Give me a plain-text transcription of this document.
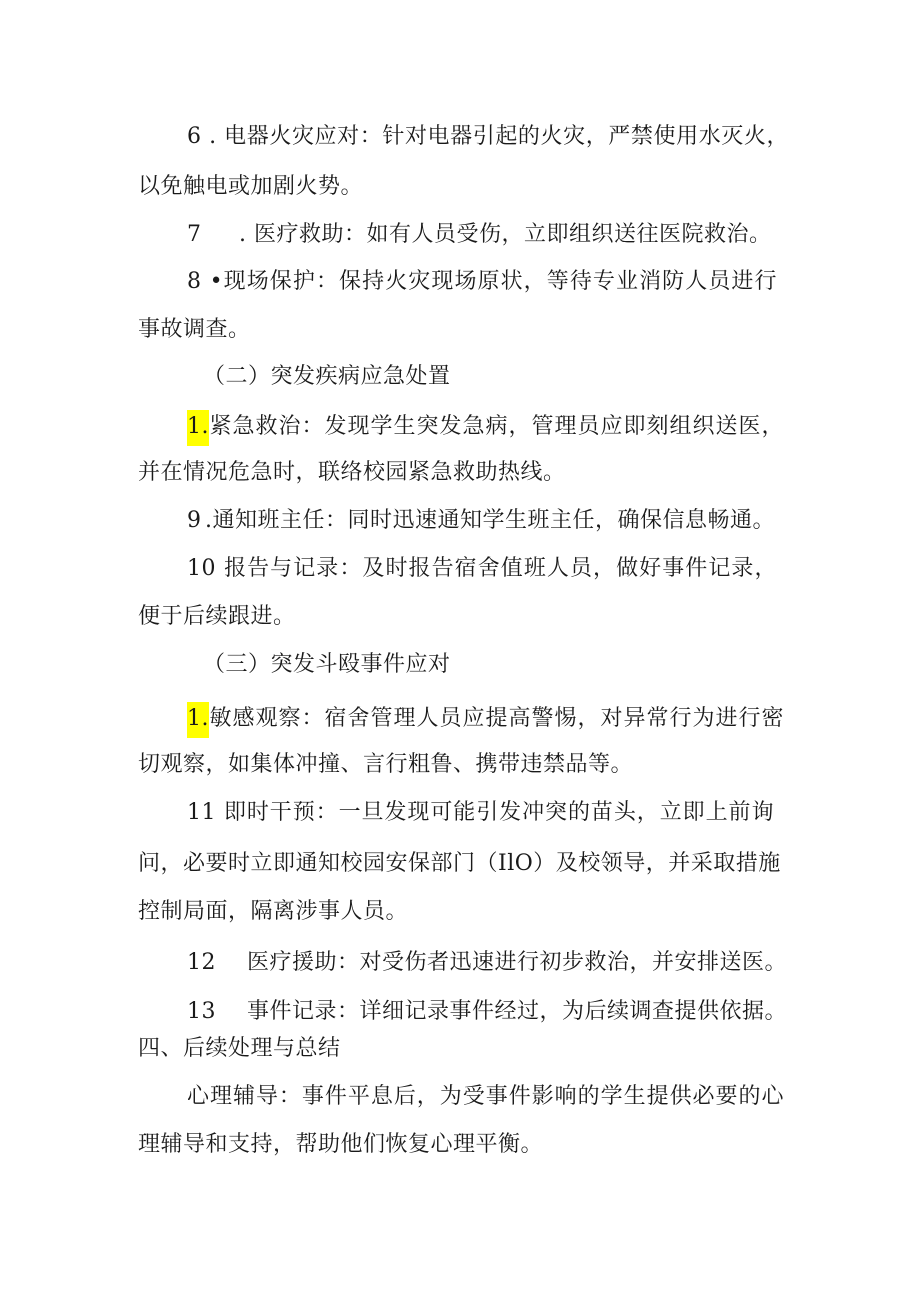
6 . 电器火灾应对：针对电器引起的火灾，严禁使用水灭火，
以免触电或加剧火势。
7 . 医疗救助：如有人员受伤，立即组织送往医院救治。
8 •现场保护：保持火灾现场原状，等待专业消防人员进行
事故调查。
（二）突发疾病应急处置
1.紧急救治：发现学生突发急病，管理员应即刻组织送医，
并在情况危急时，联络校园紧急救助热线。
9 .通知班主任：同时迅速通知学生班主任，确保信息畅通。
10 报告与记录：及时报告宿舍值班人员，做好事件记录，
便于后续跟进。
（三）突发斗殴事件应对
1.敏感观察：宿舍管理人员应提高警惕，对异常行为进行密
切观察，如集体冲撞、言行粗鲁、携带违禁品等。
11 即时干预：一旦发现可能引发冲突的苗头，立即上前询
问，必要时立即通知校园安保部门（IlO）及校领导，并采取措施
控制局面，隔离涉事人员。
12 医疗援助：对受伤者迅速进行初步救治，并安排送医。
13 事件记录：详细记录事件经过，为后续调查提供依据。
四、后续处理与总结
心理辅导：事件平息后，为受事件影响的学生提供必要的心
理辅导和支持，帮助他们恢复心理平衡。
